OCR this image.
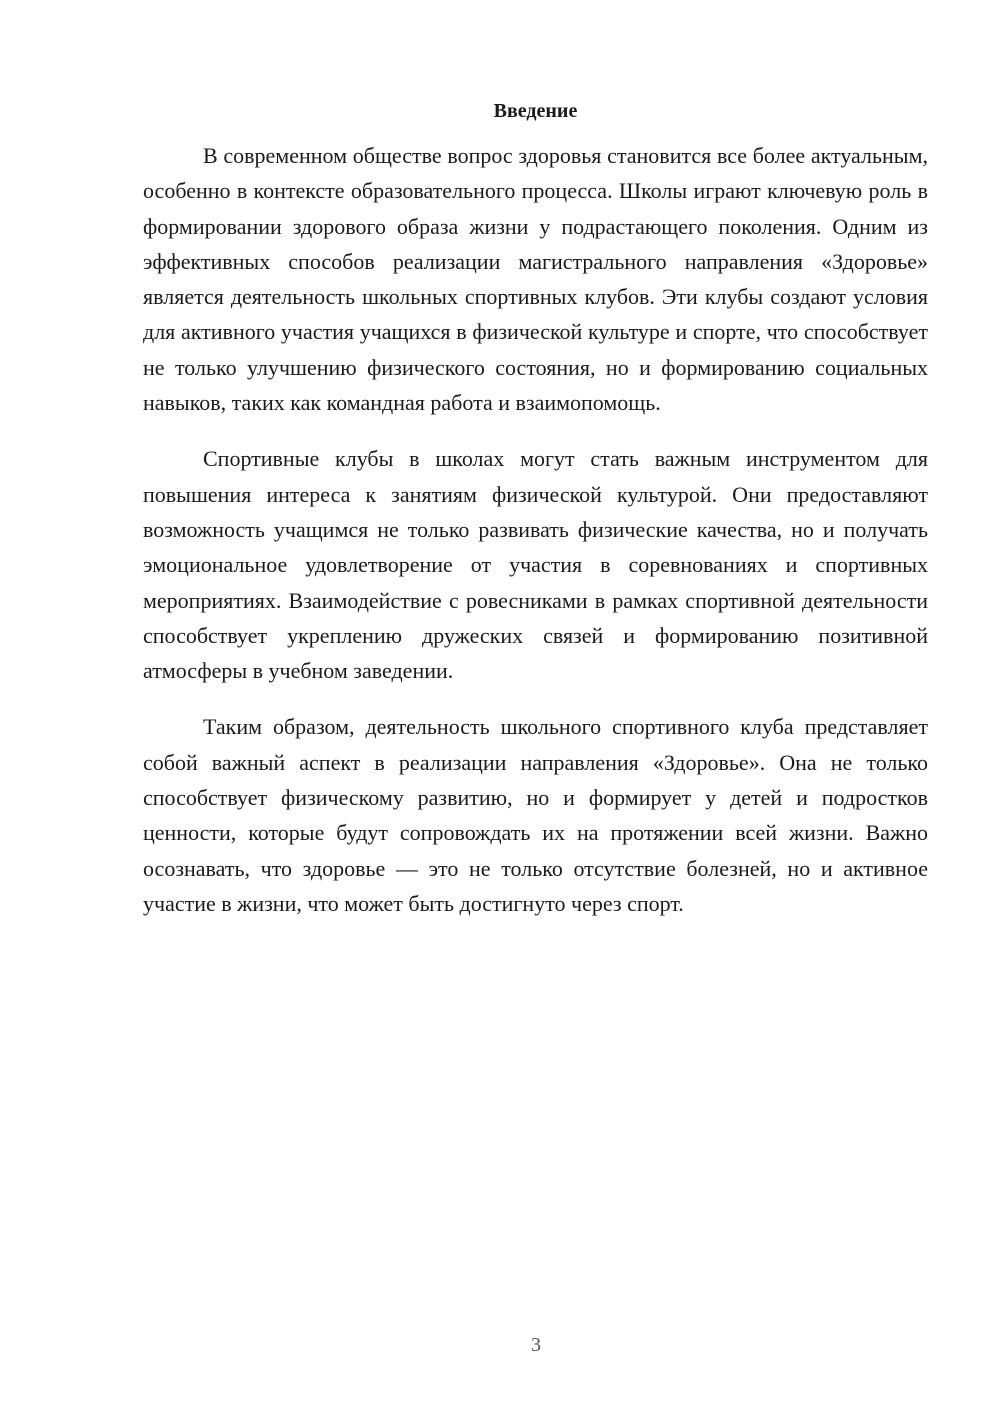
Введение

В современном обществе вопрос здоровья становится все более актуальным, особенно в контексте образовательного процесса. Школы играют ключевую роль в формировании здорового образа жизни у подрастающего поколения. Одним из эффективных способов реализации магистрального направления «Здоровье» является деятельность школьных спортивных клубов. Эти клубы создают условия для активного участия учащихся в физической культуре и спорте, что способствует не только улучшению физического состояния, но и формированию социальных навыков, таких как командная работа и взаимопомощь.

Спортивные клубы в школах могут стать важным инструментом для повышения интереса к занятиям физической культурой. Они предоставляют возможность учащимся не только развивать физические качества, но и получать эмоциональное удовлетворение от участия в соревнованиях и спортивных мероприятиях. Взаимодействие с ровесниками в рамках спортивной деятельности способствует укреплению дружеских связей и формированию позитивной атмосферы в учебном заведении.

Таким образом, деятельность школьного спортивного клуба представляет собой важный аспект в реализации направления «Здоровье». Она не только способствует физическому развитию, но и формирует у детей и подростков ценности, которые будут сопровождать их на протяжении всей жизни. Важно осознавать, что здоровье — это не только отсутствие болезней, но и активное участие в жизни, что может быть достигнуто через спорт.

3
